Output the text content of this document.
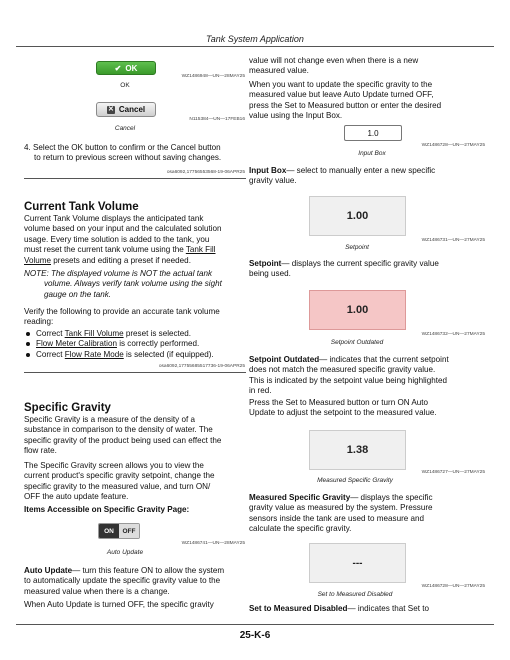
Tank System Application
✔ OK
WZ1486948—UN—28MAY25
OK
✕ Cancel
N115384—UN—17FEB16
Cancel
4. Select the OK button to confirm or the Cancel button
to return to previous screen without saving changes.
osa6092,17756553568-19-06APR25
Current Tank Volume
Current Tank Volume displays the anticipated tank
volume based on your input and the calculated solution
usage. Every time solution is added to the tank, you
must reset the current tank volume using the Tank Fill
Volume presets and editing a preset if needed.
NOTE: The displayed volume is NOT the actual tank
volume. Always verify tank volume using the sight
gauge on the tank.
Verify the following to provide an accurate tank volume
reading:
Correct Tank Fill Volume preset is selected.
Flow Meter Calibration is correctly performed.
Correct Flow Rate Mode is selected (if equipped).
osa6092,17755685517736-19-06APR25
Specific Gravity
Specific Gravity is a measure of the density of a
substance in comparison to the density of water. The
specific gravity of the product being used can effect the
flow rate.
The Specific Gravity screen allows you to view the
current product's specific gravity setpoint, change the
specific gravity to the measured value, and turn ON/
OFF the auto update feature.
Items Accessible on Specific Gravity Page:
ON	OFF
WZ1486741—UN—28MAY25
Auto Update
Auto Update— turn this feature ON to allow the system
to automatically update the specific gravity value to the
measured value when there is a change.
When Auto Update is turned OFF, the specific gravity
value will not change even when there is a new
measured value.
When you want to update the specific gravity to the
measured value but leave Auto Update turned OFF,
press the Set to Measured button or enter the desired
value using the Input Box.
1.0
WZ1486728—UN—27MAY25
Input Box
Input Box— select to manually enter a new specific
gravity value.
1.00
WZ1486731—UN—27MAY25
Setpoint
Setpoint— displays the current specific gravity value
being used.
1.00
WZ1486732—UN—27MAY25
Setpoint Outdated
Setpoint Outdated— indicates that the current setpoint
does not match the measured specific gravity value.
This is indicated by the setpoint value being highlighted
in red.
Press the Set to Measured button or turn ON Auto
Update to adjust the setpoint to the measured value.
1.38
WZ1486727—UN—27MAY25
Measured Specific Gravity
Measured Specific Gravity— displays the specific
gravity value as measured by the system. Pressure
sensors inside the tank are used to measure and
calculate the specific gravity.
---
WZ1486728—UN—27MAY25
Set to Measured Disabled
Set to Measured Disabled— indicates that Set to
25-K-6
